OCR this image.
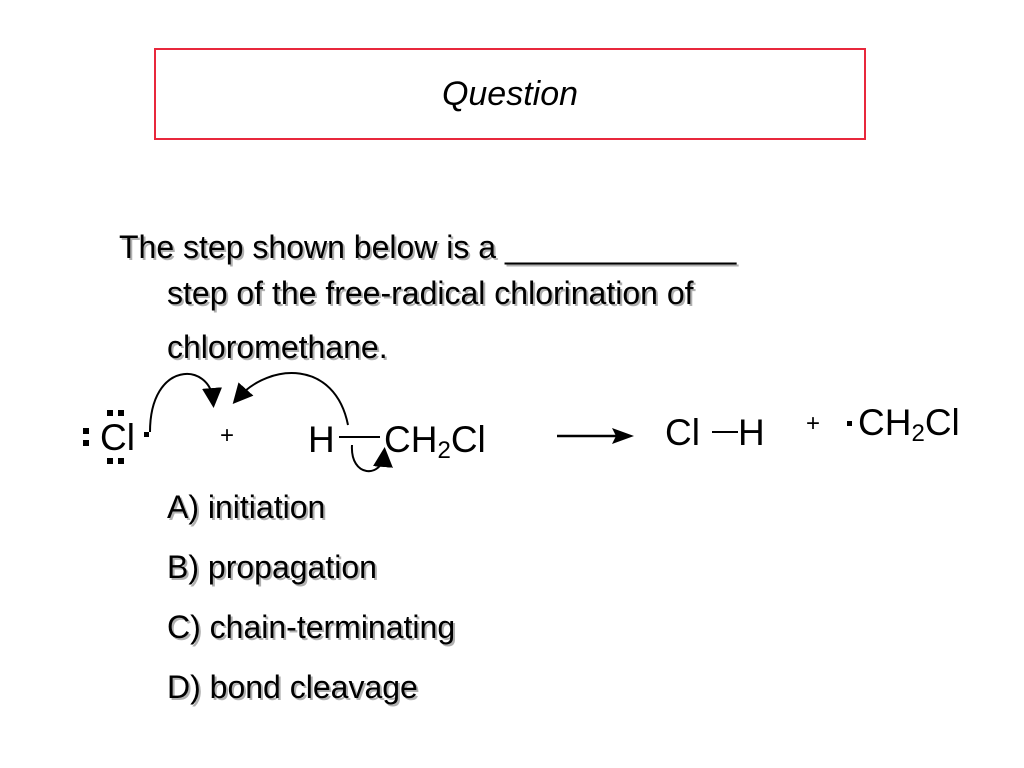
Question
The step shown below is a _____________
step of the free-radical chlorination of
chloromethane.
Cl	+ H $CH_2Cl$	Cl $H + CH_2Cl$
A) initiation
B) propagation
C) chain-terminating
D) bond cleavage
